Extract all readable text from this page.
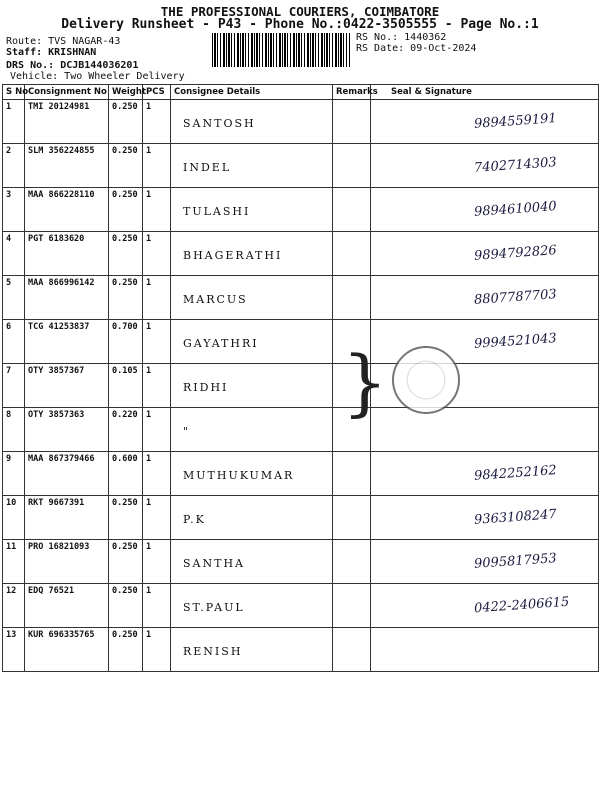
THE PROFESSIONAL COURIERS, COIMBATORE
Delivery Runsheet - P43 - Phone No.:0422-3505555 - Page No.:1
Route: TVS NAGAR-43
Staff: KRISHNAN
DRS No.: DCJB144036201
Vehicle: Two Wheeler Delivery
RS No.: 1440362
RS Date: 09-Oct-2024
S No	Consignment No	Weight	PCS	Consignee Details	Remarks	Seal & Signature
1	TMI 20124981	0.250	1	SANTOSH		9894559191
2	SLM 356224855	0.250	1	INDEL		7402714303
3	MAA 866228110	0.250	1	TULASHI		9894610040
4	PGT 6183620	0.250	1	BHAGERATHI		9894792826
5	MAA 866996142	0.250	1	MARCUS		8807787703
6	TCG 41253837	0.700	1	GAYATHRI		9994521043
7	OTY 3857367	0.105	1	RIDHI		
8	OTY 3857363	0.220	1	"		
9	MAA 867379466	0.600	1	MUTHUKUMAR		9842252162
10	RKT 9667391	0.250	1	P.K		9363108247
11	PRO 16821093	0.250	1	SANTHA		9095817953
12	EDQ 76521	0.250	1	ST.PAUL		0422-2406615
13	KUR 696335765	0.250	1	RENISH		
}
